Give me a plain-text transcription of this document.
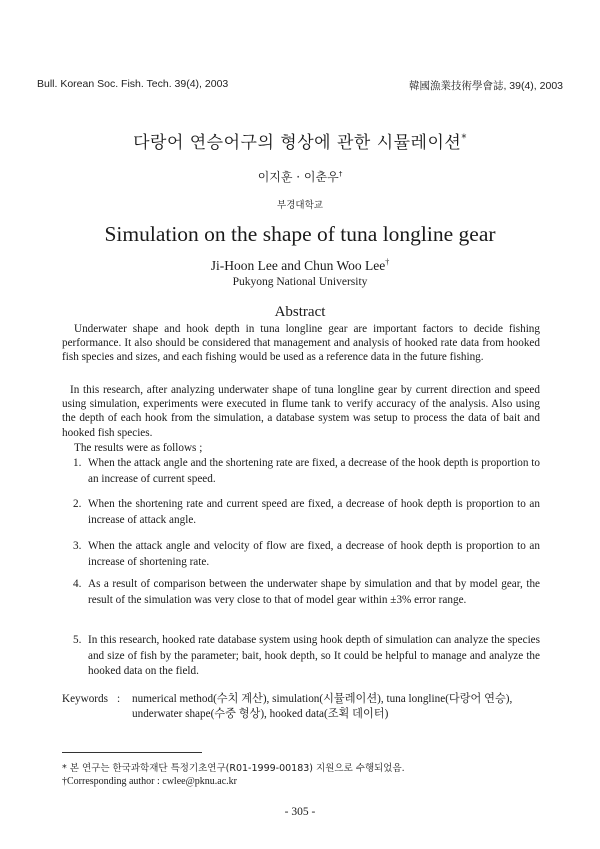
Bull. Korean Soc. Fish. Tech. 39(4), 2003	韓國漁業技術學會誌, 39(4), 2003
다랑어 연승어구의 형상에 관한 시뮬레이션*
이지훈 · 이춘우†
부경대학교
Simulation on the shape of tuna longline gear
Ji-Hoon Lee and Chun Woo Lee†
Pukyong National University
Abstract
Underwater shape and hook depth in tuna longline gear are important factors to decide fishing performance. It also should be considered that management and analysis of hooked rate data from hooked fish species and sizes, and each fishing would be used as a reference data in the future fishing.
In this research, after analyzing underwater shape of tuna longline gear by current direction and speed using simulation, experiments were executed in flume tank to verify accuracy of the analysis. Also using the depth of each hook from the simulation, a database system was setup to process the data of bait and hooked fish species.
The results were as follows ;
1. When the attack angle and the shortening rate are fixed, a decrease of the hook depth is proportion to an increase of current speed.
2. When the shortening rate and current speed are fixed, a decrease of hook depth is proportion to an increase of attack angle.
3. When the attack angle and velocity of flow are fixed, a decrease of hook depth is proportion to an increase of shortening rate.
4. As a result of comparison between the underwater shape by simulation and that by model gear, the result of the simulation was very close to that of model gear within ±3% error range.
5. In this research, hooked rate database system using hook depth of simulation can analyze the species and size of fish by the parameter; bait, hook depth, so It could be helpful to manage and analyze the hooked data on the field.
Keywords : numerical method(수치 계산), simulation(시뮬레이션), tuna longline(다랑어 연승),
underwater shape(수중 형상), hooked data(조획 데이터)
* 본 연구는 한국과학재단 특정기초연구(R01-1999-00183) 지원으로 수행되었음.
†Corresponding author : cwlee@pknu.ac.kr
- 305 -
